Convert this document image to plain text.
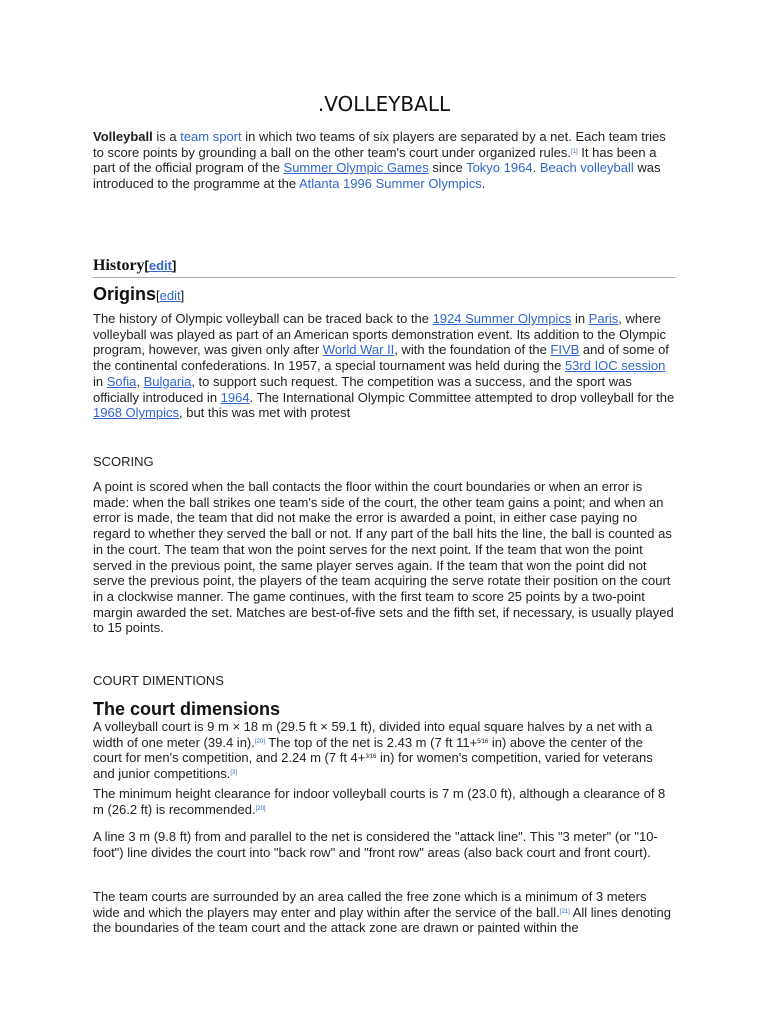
.VOLLEYBALL

Volleyball is a team sport in which two teams of six players are separated by a net. Each team tries to score points by grounding a ball on the other team's court under organized rules.[1] It has been a part of the official program of the Summer Olympic Games since Tokyo 1964. Beach volleyball was introduced to the programme at the Atlanta 1996 Summer Olympics.

History[edit]
Origins[edit]

The history of Olympic volleyball can be traced back to the 1924 Summer Olympics in Paris, where volleyball was played as part of an American sports demonstration event. Its addition to the Olympic program, however, was given only after World War II, with the foundation of the FIVB and of some of the continental confederations. In 1957, a special tournament was held during the 53rd IOC session in Sofia, Bulgaria, to support such request. The competition was a success, and the sport was officially introduced in 1964. The International Olympic Committee attempted to drop volleyball for the 1968 Olympics, but this was met with protest

SCORING

A point is scored when the ball contacts the floor within the court boundaries or when an error is made: when the ball strikes one team's side of the court, the other team gains a point; and when an error is made, the team that did not make the error is awarded a point, in either case paying no regard to whether they served the ball or not. If any part of the ball hits the line, the ball is counted as in the court. The team that won the point serves for the next point. If the team that won the point served in the previous point, the same player serves again. If the team that won the point did not serve the previous point, the players of the team acquiring the serve rotate their position on the court in a clockwise manner. The game continues, with the first team to score 25 points by a two-point margin awarded the set. Matches are best-of-five sets and the fifth set, if necessary, is usually played to 15 points.

COURT DIMENTIONS
The court dimensions

A volleyball court is 9 m × 18 m (29.5 ft × 59.1 ft), divided into equal square halves by a net with a width of one meter (39.4 in).[20] The top of the net is 2.43 m (7 ft 11+$^{5⁄16}$ in) above the center of the court for men's competition, and 2.24 m (7 ft 4+$^{3⁄16}$ in) for women's competition, varied for veterans and junior competitions.[3]

The minimum height clearance for indoor volleyball courts is 7 m (23.0 ft), although a clearance of 8 m (26.2 ft) is recommended.[20]

A line 3 m (9.8 ft) from and parallel to the net is considered the "attack line". This "3 meter" (or "10-foot") line divides the court into "back row" and "front row" areas (also back court and front court).

The team courts are surrounded by an area called the free zone which is a minimum of 3 meters wide and which the players may enter and play within after the service of the ball.[21] All lines denoting the boundaries of the team court and the attack zone are drawn or painted within the
